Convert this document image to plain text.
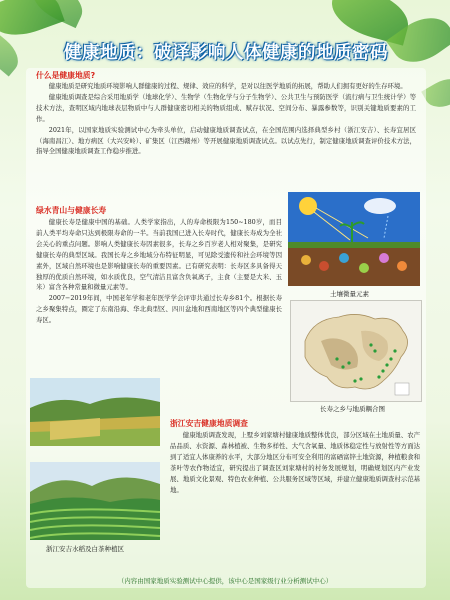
健康地质：破译影响人体健康的地质密码
什么是健康地质?
健康地质是研究地质环境影响人群健康的过程、规律、效应的科学，是对以往医学地质的拓展，帮助人们拥有更好的生存环境。
健康地质调查是综合采用地质学（地球化学）、生物学（生物化学与分子生物学）、公共卫生与预防医学（流行病与卫生统计学）等技术方法，查明区域内地球表层物质中与人群健康密切相关的物质组成、赋存状况、空间分布、暴露参数等，识别关键地质要素的工作。
2021年，以国家地质实验测试中心为牵头单位，启动健康地质调查试点，在全国范围内选择典型乡村（浙江安吉）、长寿宜居区（海南昌江）、地方病区（大兴安岭）、矿集区（江西赣州）等开展健康地质调查试点。以试点先行，制定健康地质调查评价技术方法，指导全国健康地质调查工作稳步推进。
绿水青山与健康长寿
健康长寿是健康中国的基础。人类学家指出，人的寿命极限为150~180岁，而目前人类平均寿命只达到极限寿命的一半。当前我国已进入长寿时代，健康长寿成为全社会关心的重点问题。影响人类健康长寿因素很多，长寿之乡百岁老人相对聚集，是研究健康长寿的典型区域。我国长寿之乡地域分布特征明显，可见除受遗传和社会环境等因素外，区域自然环境也是影响健康长寿的重要因素。已有研究表明：长寿区多具备得天独厚的优质自然环境，如水质优良，空气清洁且富含负氧离子，主食（主要是大米、玉米）富含各种常量和微量元素等。
2007−2019年间，中国老年学和老年医学学会评审共通过长寿乡81个。根据长寿之乡聚集特点，圈定了东南沿海、华北典型区、四川盆地和西南地区等四个典型健康长寿区。
土壤微量元素
长寿之乡与地质耦合图
浙江安吉水稻及白茶种植区
浙江安吉健康地质调查
健康地质调查发现，上墅乡刘家塘村健康地质整体优良，部分区域在土地质量、农产品品质、水资源、森林植被、生物多样性、大气含氧量、地质体稳定性与放射性等方面达到了适宜人体康养的水平，大部分地区分布可安全利用的富硒富锌土地资源，种植粮食和茶叶等农作物适宜，研究提出了调查区刘家塘村的村务发展规划，明确规划区内产业发展、地质文化景观、特色农业种植、公共服务区域等区域，并建立健康地质调查村示范基地。
（内容由国家地质实验测试中心提供，该中心是国家级行业分析测试中心）
